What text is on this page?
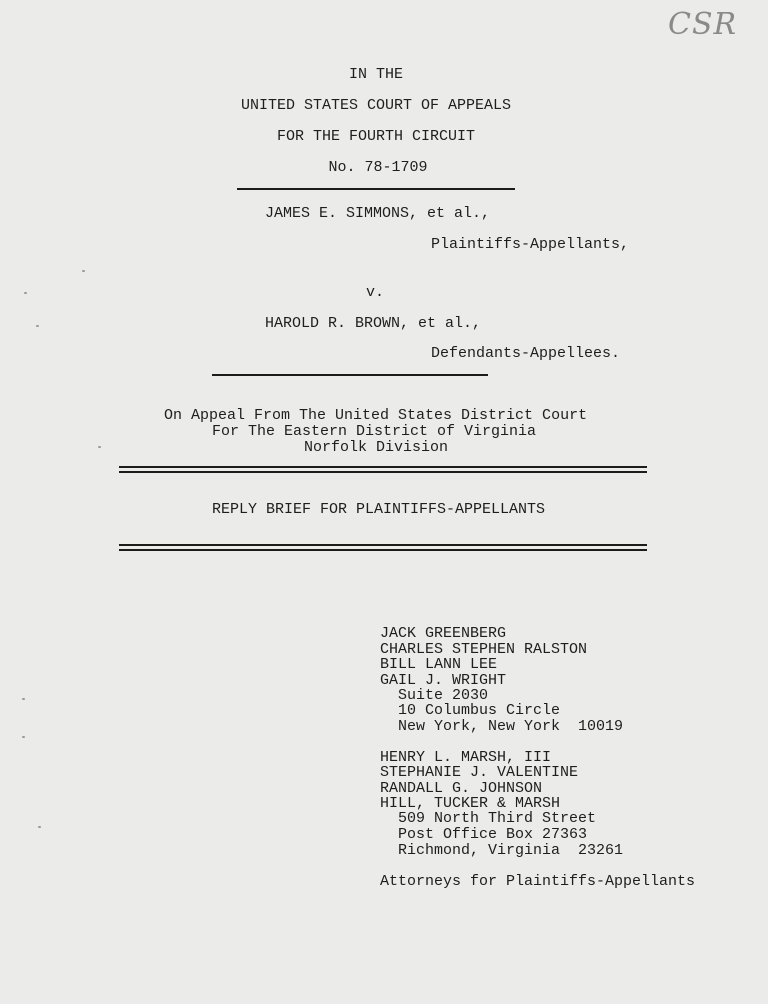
CSR
IN THE
UNITED STATES COURT OF APPEALS
FOR THE FOURTH CIRCUIT
No. 78-1709
JAMES E. SIMMONS, et al.,
Plaintiffs-Appellants,
v.
HAROLD R. BROWN, et al.,
Defendants-Appellees.
On Appeal From The United States District Court
For The Eastern District of Virginia
Norfolk Division
REPLY BRIEF FOR PLAINTIFFS-APPELLANTS
JACK GREENBERG
CHARLES STEPHEN RALSTON
BILL LANN LEE
GAIL J. WRIGHT
Suite 2030
10 Columbus Circle
New York, New York  10019
HENRY L. MARSH, III
STEPHANIE J. VALENTINE
RANDALL G. JOHNSON
HILL, TUCKER & MARSH
509 North Third Street
Post Office Box 27363
Richmond, Virginia  23261
Attorneys for Plaintiffs-Appellants
